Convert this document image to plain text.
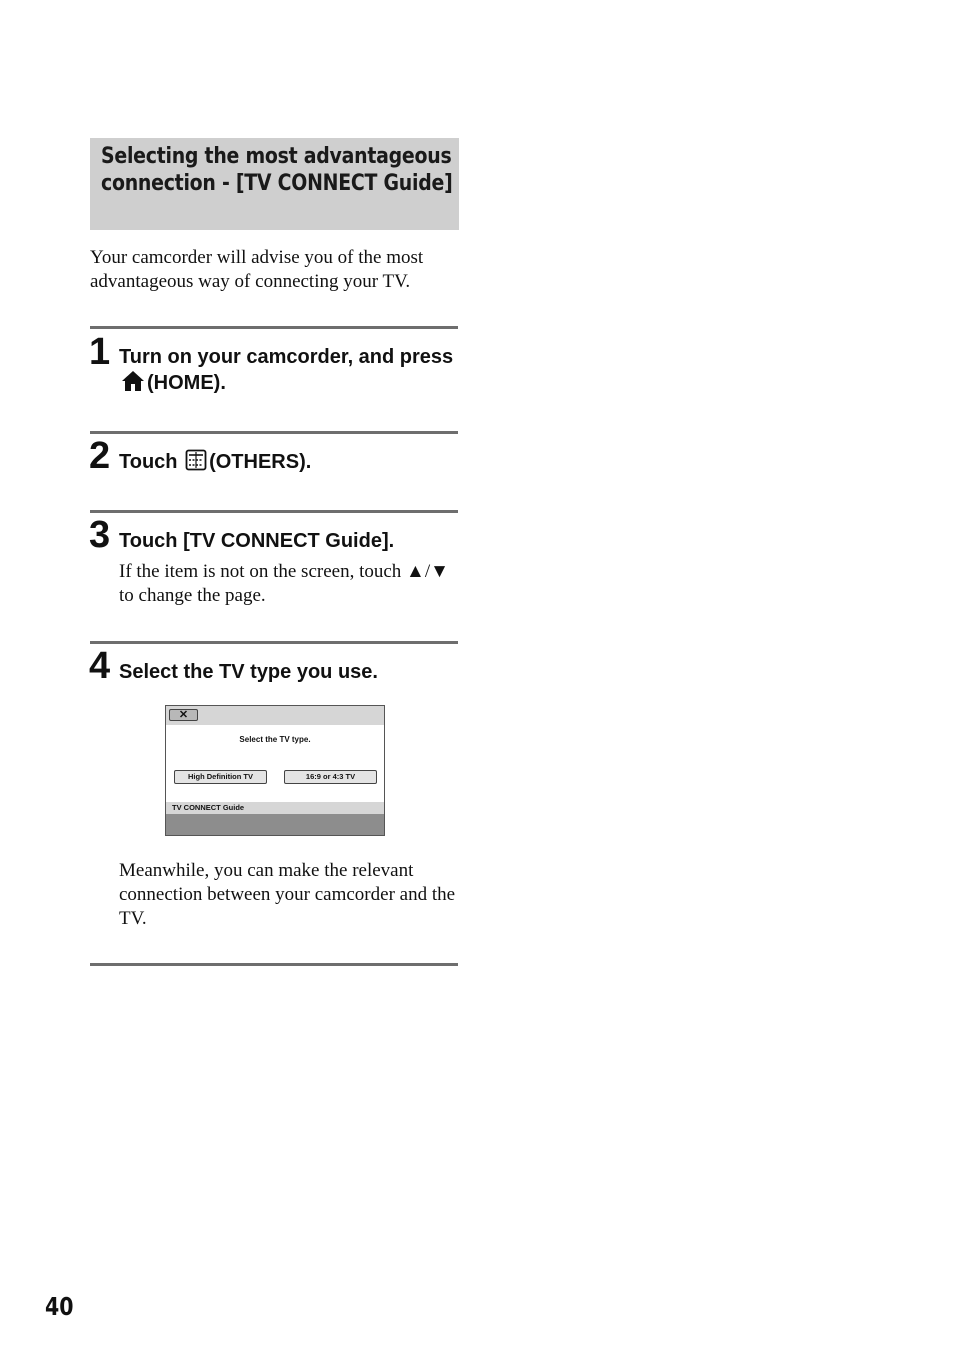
Selecting the most advantageous connection - [TV CONNECT Guide]

Your camcorder will advise you of the most advantageous way of connecting your TV.

1 Turn on your camcorder, and press (HOME).

2 Touch (OTHERS).

3 Touch [TV CONNECT Guide].

If the item is not on the screen, touch ▲/▼ to change the page.

4 Select the TV type you use.

✕
Select the TV type.
High Definition TV	16:9 or 4:3 TV
TV CONNECT Guide

Meanwhile, you can make the relevant connection between your camcorder and the TV.

40
